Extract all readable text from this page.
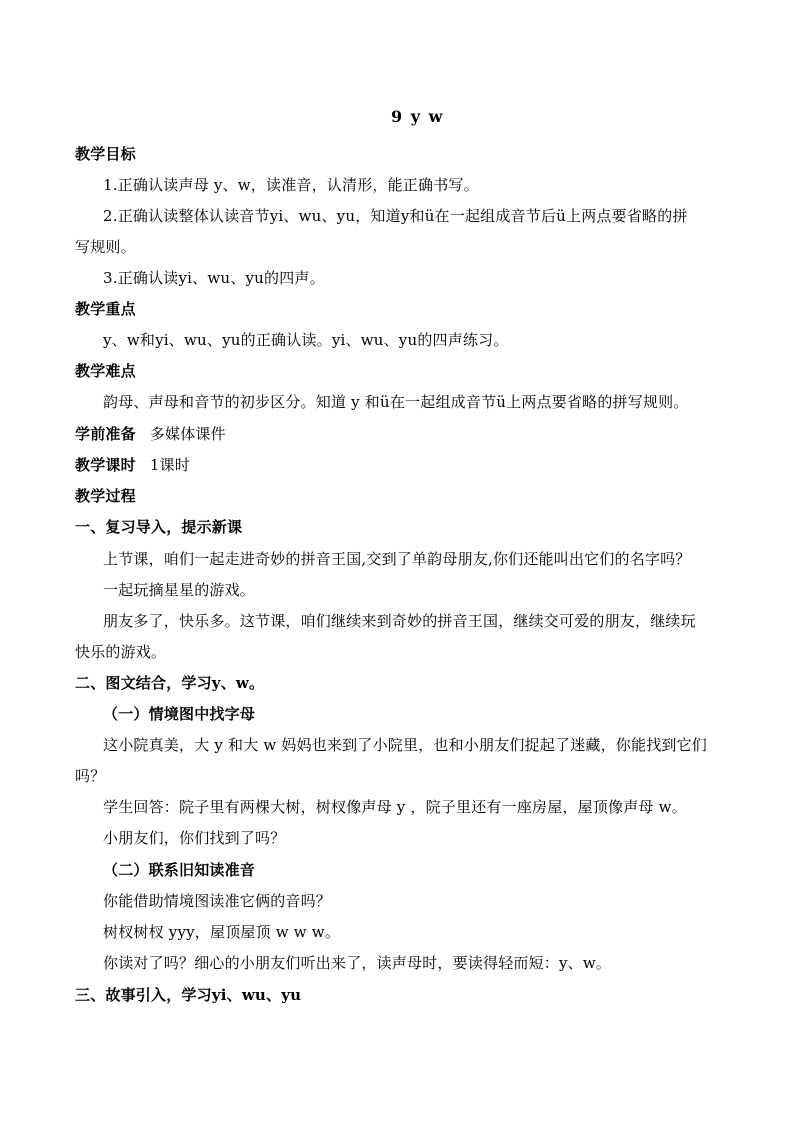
9 y w
教学目标
1.正确认读声母 y、w，读准音，认清形，能正确书写。
2.正确认读整体认读音节yi、wu、yu，知道y和ü在一起组成音节后ü上两点要省略的拼
写规则。
3.正确认读yi、wu、yu的四声。
教学重点
y、w和yi、wu、yu的正确认读。yi、wu、yu的四声练习。
教学难点
韵母、声母和音节的初步区分。知道 y 和ü在一起组成音节ü上两点要省略的拼写规则。
学前准备 多媒体课件
教学课时 1课时
教学过程
一、复习导入，提示新课
上节课，咱们一起走进奇妙的拼音王国,交到了单韵母朋友,你们还能叫出它们的名字吗？
一起玩摘星星的游戏。
朋友多了，快乐多。这节课，咱们继续来到奇妙的拼音王国，继续交可爱的朋友，继续玩
快乐的游戏。
二、图文结合，学习y、w。
（一）情境图中找字母
这小院真美，大 y 和大 w 妈妈也来到了小院里，也和小朋友们捉起了迷藏，你能找到它们
吗？
学生回答：院子里有两棵大树，树杈像声母 y ，院子里还有一座房屋，屋顶像声母 w。
小朋友们，你们找到了吗？
（二）联系旧知读准音
你能借助情境图读准它俩的音吗？
树杈树杈 yyy，屋顶屋顶 w w w。
你读对了吗？细心的小朋友们听出来了，读声母时，要读得轻而短：y、w。
三、故事引入，学习yi、wu、yu
